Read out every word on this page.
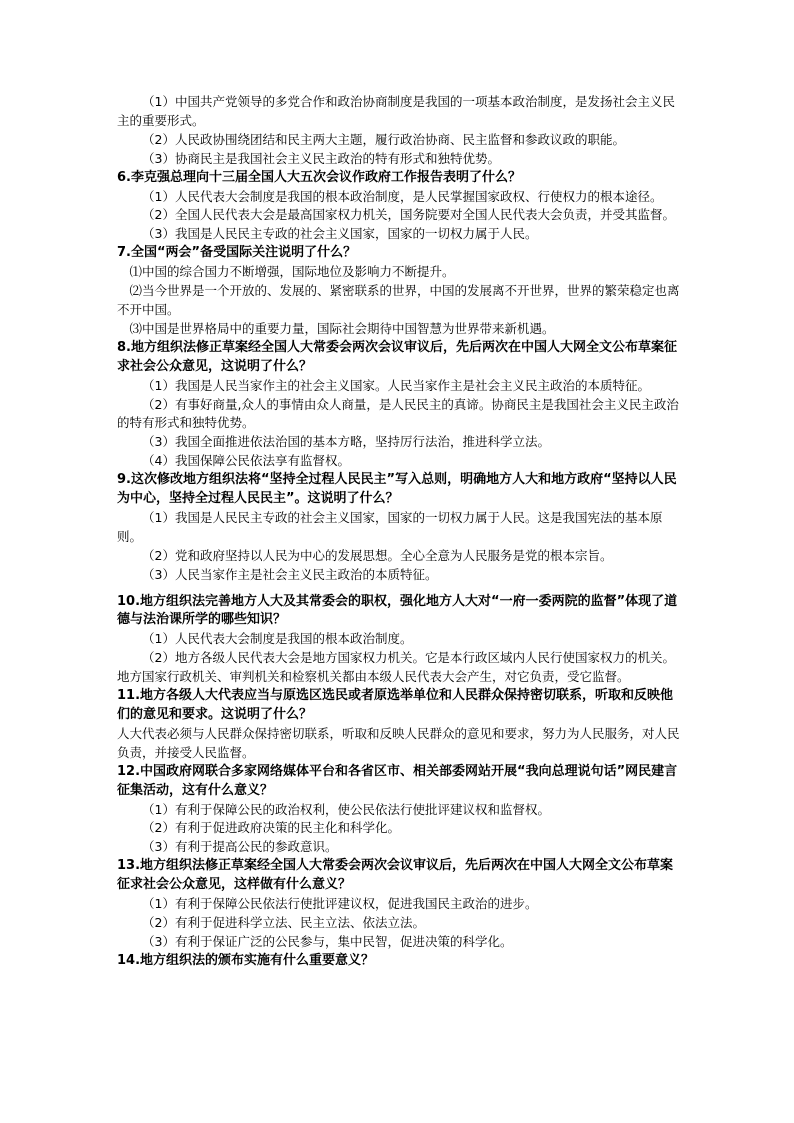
（1）中国共产党领导的多党合作和政治协商制度是我国的一项基本政治制度，是发扬社会主义民主的重要形式。

（2）人民政协围绕团结和民主两大主题，履行政治协商、民主监督和参政议政的职能。

（3）协商民主是我国社会主义民主政治的特有形式和独特优势。

6.李克强总理向十三届全国人大五次会议作政府工作报告表明了什么？

（1）人民代表大会制度是我国的根本政治制度，是人民掌握国家政权、行使权力的根本途径。

（2）全国人民代表大会是最高国家权力机关，国务院要对全国人民代表大会负责，并受其监督。

（3）我国是人民民主专政的社会主义国家，国家的一切权力属于人民。

7.全国“两会”备受国际关注说明了什么？

⑴中国的综合国力不断增强，国际地位及影响力不断提升。

⑵当今世界是一个开放的、发展的、紧密联系的世界，中国的发展离不开世界，世界的繁荣稳定也离不开中国。

⑶中国是世界格局中的重要力量，国际社会期待中国智慧为世界带来新机遇。

8.地方组织法修正草案经全国人大常委会两次会议审议后，先后两次在中国人大网全文公布草案征求社会公众意见，这说明了什么？

（1）我国是人民当家作主的社会主义国家。人民当家作主是社会主义民主政治的本质特征。

（2）有事好商量,众人的事情由众人商量，是人民民主的真谛。协商民主是我国社会主义民主政治的特有形式和独特优势。

（3）我国全面推进依法治国的基本方略，坚持厉行法治，推进科学立法。

（4）我国保障公民依法享有监督权。

9.这次修改地方组织法将“坚持全过程人民民主”写入总则，明确地方人大和地方政府“坚持以人民为中心，坚持全过程人民民主”。这说明了什么？

（1）我国是人民民主专政的社会主义国家，国家的一切权力属于人民。这是我国宪法的基本原则。

（2）党和政府坚持以人民为中心的发展思想。全心全意为人民服务是党的根本宗旨。

（3）人民当家作主是社会主义民主政治的本质特征。

10.地方组织法完善地方人大及其常委会的职权，强化地方人大对“一府一委两院的监督”体现了道德与法治课所学的哪些知识？

（1）人民代表大会制度是我国的根本政治制度。

（2）地方各级人民代表大会是地方国家权力机关。它是本行政区域内人民行使国家权力的机关。地方国家行政机关、审判机关和检察机关都由本级人民代表大会产生，对它负责，受它监督。

11.地方各级人大代表应当与原选区选民或者原选举单位和人民群众保持密切联系，听取和反映他们的意见和要求。这说明了什么？

人大代表必须与人民群众保持密切联系，听取和反映人民群众的意见和要求，努力为人民服务，对人民负责，并接受人民监督。

12.中国政府网联合多家网络媒体平台和各省区市、相关部委网站开展“我向总理说句话”网民建言征集活动，这有什么意义？

（1）有利于保障公民的政治权利，使公民依法行使批评建议权和监督权。

（2）有利于促进政府决策的民主化和科学化。

（3）有利于提高公民的参政意识。

13.地方组织法修正草案经全国人大常委会两次会议审议后，先后两次在中国人大网全文公布草案征求社会公众意见，这样做有什么意义？

（1）有利于保障公民依法行使批评建议权，促进我国民主政治的进步。

（2）有利于促进科学立法、民主立法、依法立法。

（3）有利于保证广泛的公民参与，集中民智，促进决策的科学化。

14.地方组织法的颁布实施有什么重要意义？
